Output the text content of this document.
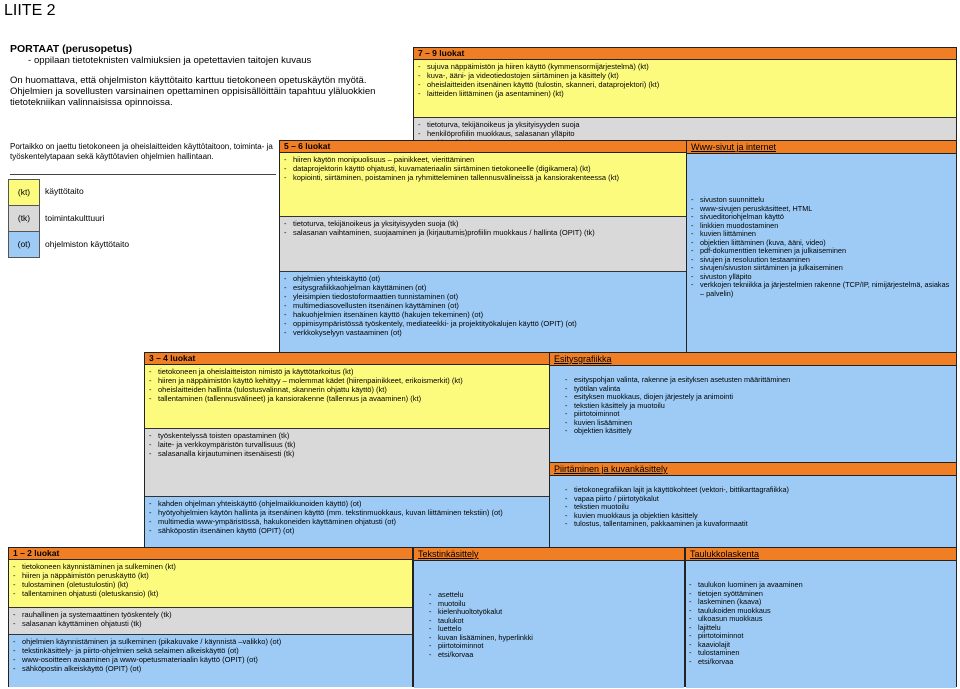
LIITE 2

PORTAAT (perusopetus)

- oppilaan tietoteknisten valmiuksien ja opetettavien taitojen kuvaus

On huomattava, että ohjelmiston käyttötaito karttuu tietokoneen opetuskäytön myötä. Ohjelmien ja sovellusten varsinainen opettaminen oppisisällöittäin tapahtuu yläluokkien tietotekniikan valinnaisissa opinnoissa.

Portaikko on jaettu tietokoneen ja oheislaitteiden käyttötaitoon, toiminta- ja työskentelytapaan sekä käyttötavien ohjelmien hallintaan.
(kt)	käyttötaito
(tk)	toimintakulttuuri
(ot)	ohjelmiston käyttötaito
7 – 9 luokat
- sujuva näppäimistön ja hiiren käyttö (kymmensormijärjestelmä) (kt)
- kuva-, ääni- ja videotiedostojen siirtäminen ja käsittely (kt)
- oheislaitteiden itsenäinen käyttö (tulostin, skanneri, dataprojektori) (kt)
- laitteiden liittäminen (ja asentaminen) (kt)
- tietoturva, tekijänoikeus ja yksityisyyden suoja
- henkilöprofiilin muokkaus, salasanan ylläpito
-
5 – 6 luokat
- hiiren käytön monipuolisuus – painikkeet, vierittäminen
- dataprojektorin käyttö ohjatusti, kuvamateriaalin siirtäminen tietokoneelle (digikamera) (kt)
- kopiointi, siirtäminen, poistaminen ja ryhmitteleminen tallennusvälineissä ja kansiorakenteessa (kt)
- tietoturva, tekijänoikeus ja yksityisyyden suoja (tk)
- salasanan vaihtaminen, suojaaminen ja (kirjautumis)profiilin muokkaus / hallinta (OPIT) (tk)
- ohjelmien yhteiskäyttö (ot)
- esitysgrafiikkaohjelman käyttäminen (ot)
- yleisimpien tiedostoformaattien tunnistaminen (ot)
- multimediasovellusten itsenäinen käyttäminen (ot)
- hakuohjelmien itsenäinen käyttö (hakujen tekeminen) (ot)
- oppimisympäristössä työskentely, mediateekki- ja projektityökalujen käyttö (OPIT) (ot)
- verkkokyselyyn vastaaminen (ot)
3 – 4 luokat
- tietokoneen ja oheislaitteiston nimistö ja käyttötarkoitus (kt)
- hiiren ja näppäimistön käyttö kehittyy – molemmat kädet (hiirenpainikkeet, erikoismerkit) (kt)
- oheislaitteiden hallinta (tulostusvalinnat, skannerin ohjattu käyttö) (kt)
- tallentaminen (tallennusvälineet) ja kansiorakenne (tallennus ja avaaminen) (kt)
- työskentelyssä toisten opastaminen (tk)
- laite- ja verkkoympäristön turvallisuus (tk)
- salasanalla kirjautuminen itsenäisesti (tk)
- kahden ohjelman yhteiskäyttö (ohjelmaikkunoiden käyttö) (ot)
- hyötyohjelmien käytön hallinta ja itsenäinen käyttö (mm. tekstinmuokkaus, kuvan liittäminen tekstiin) (ot)
- multimedia www-ympäristössä, hakukoneiden käyttäminen ohjatusti (ot)
- sähköpostin itsenäinen käyttö (OPIT) (ot)
1 – 2 luokat
- tietokoneen käynnistäminen ja sulkeminen (kt)
- hiiren ja näppäimistön peruskäyttö (kt)
- tulostaminen (oletustulostin) (kt)
- tallentaminen ohjatusti (oletuskansio) (kt)
- rauhallinen ja systemaattinen työskentely (tk)
- salasanan käyttäminen ohjatusti (tk)
- ohjelmien käynnistäminen ja sulkeminen (pikakuvake / käynnistä –valikko) (ot)
- tekstinkäsittely- ja piirto-ohjelmien sekä selaimen alkeiskäyttö (ot)
- www-osoitteen avaaminen ja www-opetusmateriaalin käyttö (OPIT) (ot)
- sähköpostin alkeiskäyttö (OPIT) (ot)
Www-sivut ja internet
- sivuston suunnittelu
- www-sivujen peruskäsitteet, HTML
- sivueditoriohjelman käyttö
- linkkien muodostaminen
- kuvien liittäminen
- objektien liittäminen (kuva, ääni, video)
- pdf-dokumenttien tekeminen ja julkaiseminen
- sivujen ja resoluution testaaminen
- sivujen/sivuston siirtäminen ja julkaiseminen
- sivuston ylläpito
- verkkojen tekniikka ja järjestelmien rakenne (TCP/IP, nimijärjestelmä, asiakas – palvelin)
Esitysgrafiikka
- esityspohjan valinta, rakenne ja esityksen asetusten määrittäminen
- työtilan valinta
- esityksen muokkaus, diojen järjestely ja animointi
- tekstien käsittely ja muotoilu
- piirtotoiminnot
- kuvien lisääminen
- objektien käsittely
Piirtäminen ja kuvankäsittely
- tietokonegrafiikan lajit ja käyttökohteet (vektori-, bittikarttagrafiikka)
- vapaa piirto / piirtotyökalut
- tekstien muotoilu
- kuvien muokkaus ja objektien käsittely
- tulostus, tallentaminen, pakkaaminen ja kuvaformaatit
Tekstinkäsittely
- asettelu
- muotoilu
- kielenhuoltotyökalut
- taulukot
- luettelo
- kuvan lisääminen, hyperlinkki
- piirtotoiminnot
- etsi/korvaa
Taulukkolaskenta
- taulukon luominen ja avaaminen
- tietojen syöttäminen
- laskeminen (kaava)
- taulukoiden muokkaus
- ulkoasun muokkaus
- lajittelu
- piirtotoiminnot
- kaaviolajit
- tulostaminen
- etsi/korvaa
